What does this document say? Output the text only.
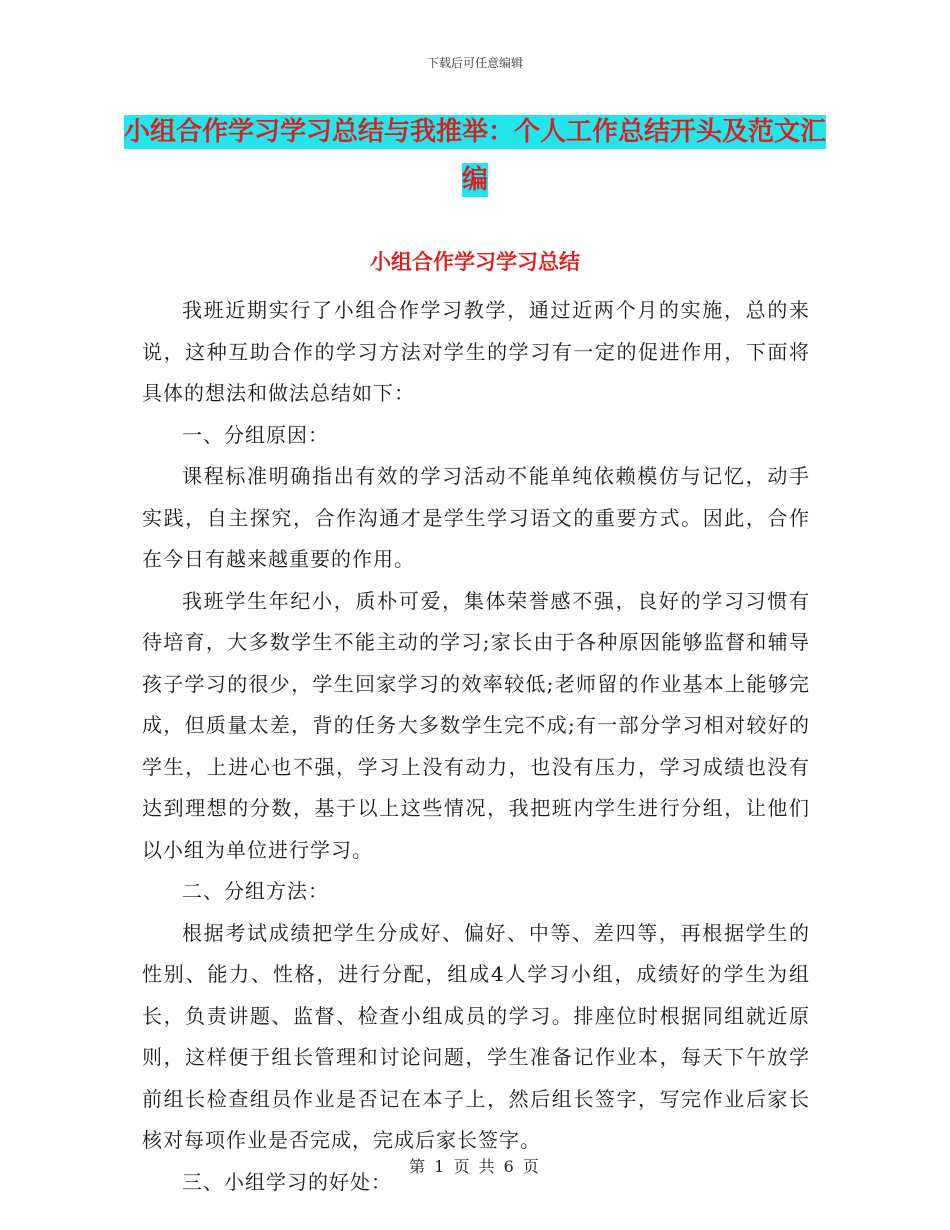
下载后可任意编辑
小组合作学习学习总结与我推举：个人工作总结开头及范文汇编
小组合作学习学习总结

我班近期实行了小组合作学习教学，通过近两个月的实施，总的来说，这种互助合作的学习方法对学生的学习有一定的促进作用，下面将具体的想法和做法总结如下：

一、分组原因：

课程标准明确指出有效的学习活动不能单纯依赖模仿与记忆，动手实践，自主探究，合作沟通才是学生学习语文的重要方式。因此，合作在今日有越来越重要的作用。

我班学生年纪小，质朴可爱，集体荣誉感不强，良好的学习习惯有待培育，大多数学生不能主动的学习;家长由于各种原因能够监督和辅导孩子学习的很少，学生回家学习的效率较低;老师留的作业基本上能够完成，但质量太差，背的任务大多数学生完不成;有一部分学习相对较好的学生，上进心也不强，学习上没有动力，也没有压力，学习成绩也没有达到理想的分数，基于以上这些情况，我把班内学生进行分组，让他们以小组为单位进行学习。

二、分组方法：

根据考试成绩把学生分成好、偏好、中等、差四等，再根据学生的性别、能力、性格，进行分配，组成4人学习小组，成绩好的学生为组长，负责讲题、监督、检查小组成员的学习。排座位时根据同组就近原则，这样便于组长管理和讨论问题，学生准备记作业本，每天下午放学前组长检查组员作业是否记在本子上，然后组长签字，写完作业后家长核对每项作业是否完成，完成后家长签字。

三、小组学习的好处：

第 1 页 共 6 页
